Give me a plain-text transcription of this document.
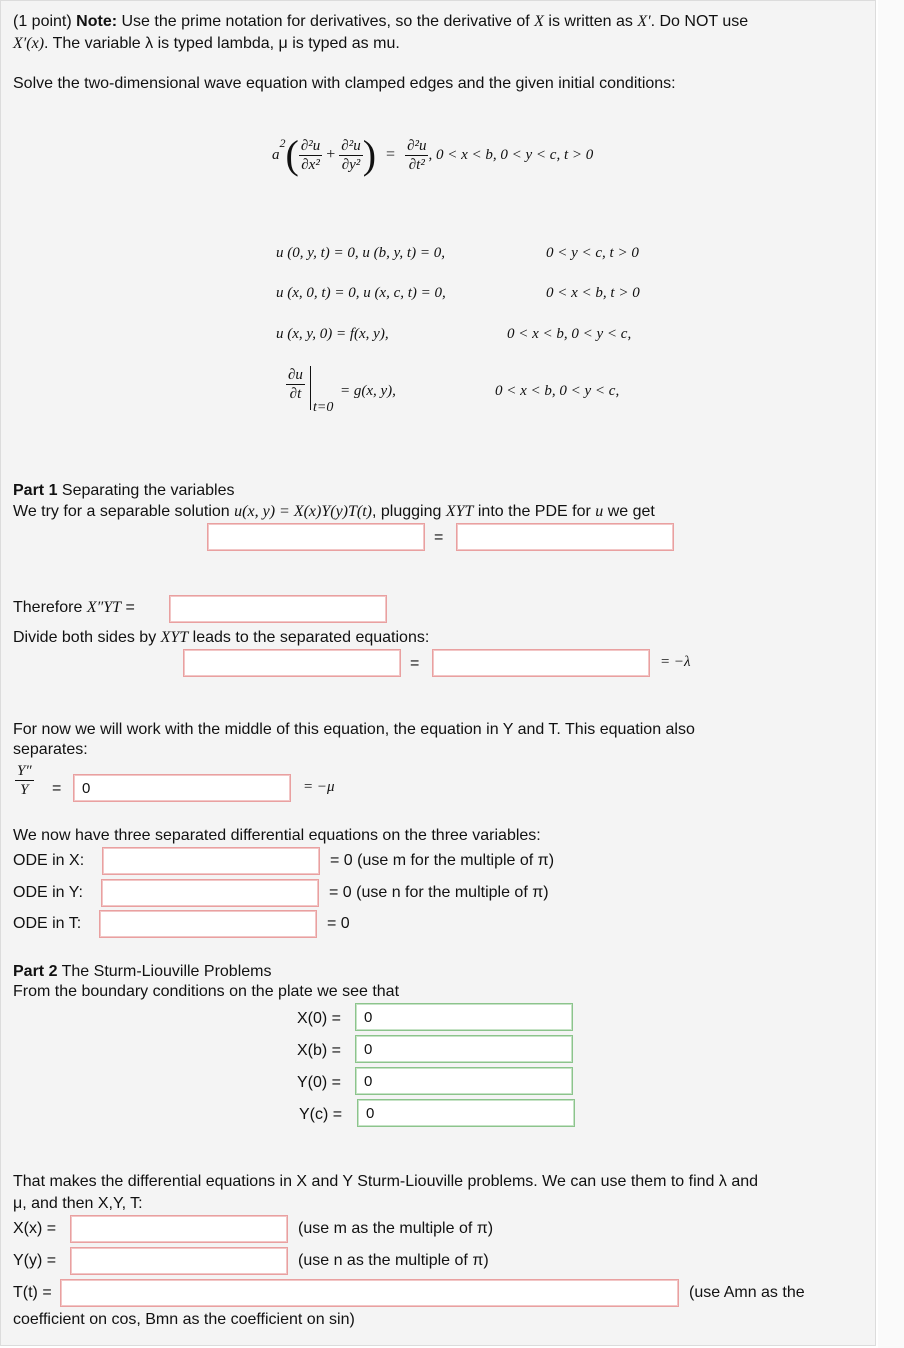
(1 point) Note: Use the prime notation for derivatives, so the derivative of X is written as X′. Do NOT use
X′(x). The variable λ is typed lambda, μ is typed as mu.
Solve the two-dimensional wave equation with clamped edges and the given initial conditions:
a
$^2$ ( $\frac{\text{∂²u}}{\text{∂x²}} + \frac{\text{∂²u}}{\text{∂y²}}$ ) = $\frac{\text{∂²u}}{\text{∂t²}}$ , 0 < x < b, 0 < y < c, t > 0
u (0, y, t) = 0, u (b, y, t) = 0,	0 < y < c, t > 0
u (x, 0, t) = 0, u (x, c, t) = 0,	0 < x < b, t > 0
u (x, y, 0) = f(x, y),	0 < x < b, 0 < y < c,
$\frac{\partial u}{\partial t}$
t=0
= g(x, y),	0 < x < b, 0 < y < c,
Part 1 Separating the variables
We try for a separable solution u(x, y) = X(x)Y(y)T(t), plugging XYT into the PDE for u we get
=
Therefore X″YT =
Divide both sides by XYT leads to the separated equations:
=	= −λ
For now we will work with the middle of this equation, the equation in Y and T. This equation also
separates:
$\frac{Y''}{Y}$ =
0	= −μ
We now have three separated differential equations on the three variables:
ODE in X:	= 0 (use m for the multiple of π)
ODE in Y:	= 0 (use n for the multiple of π)
ODE in T:	= 0
Part 2 The Sturm-Liouville Problems
From the boundary conditions on the plate we see that
X(0) =
0
X(b) =
0
Y(0) =
0
Y(c) =
0
That makes the differential equations in X and Y Sturm-Liouville problems. We can use them to find λ and
μ, and then X,Y, T:
X(x) =	(use m as the multiple of π)
Y(y) =	(use n as the multiple of π)
T(t) =	(use Amn as the
coefficient on cos, Bmn as the coefficient on sin)
